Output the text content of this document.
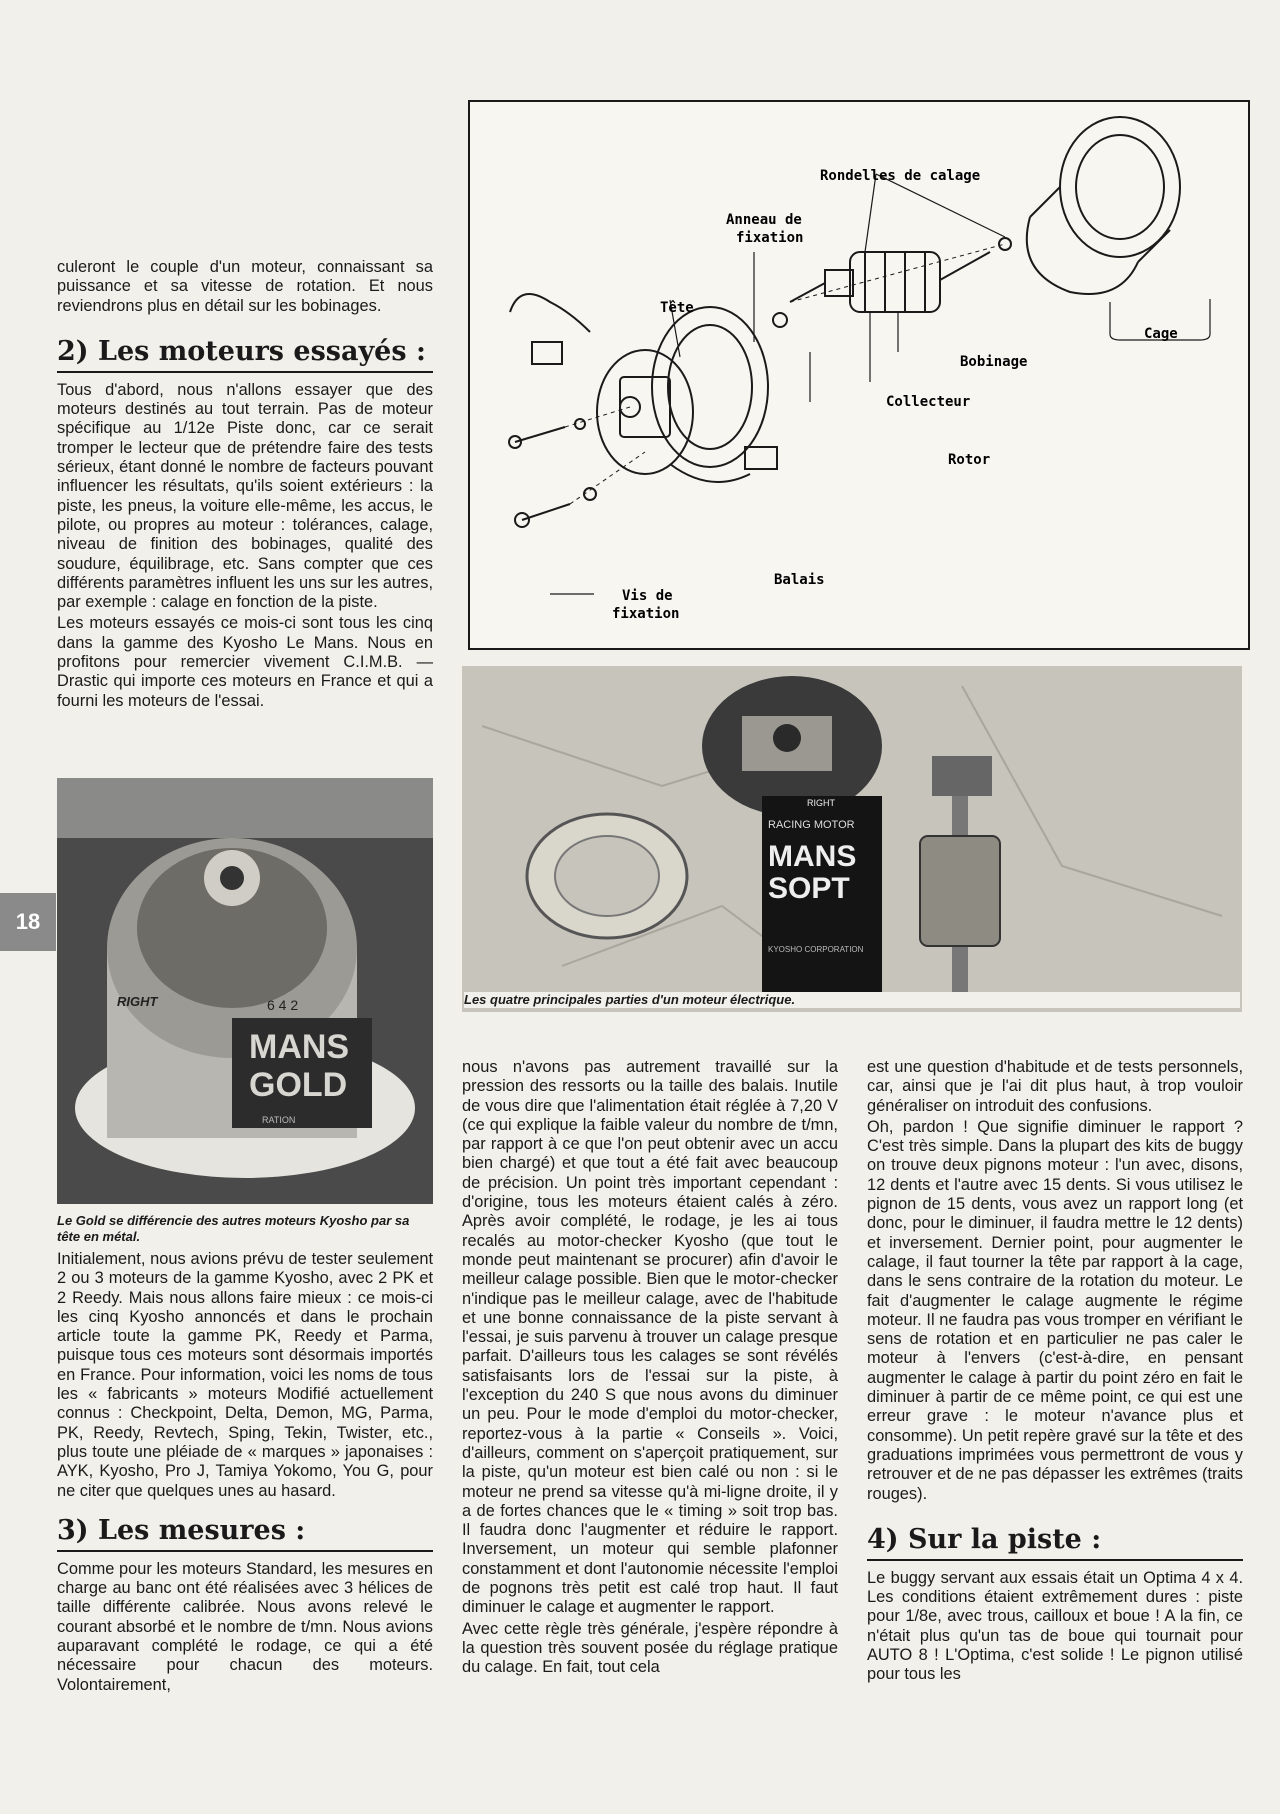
18

culeront le couple d'un moteur, connaissant sa puissance et sa vitesse de rotation. Et nous reviendrons plus en détail sur les bobinages.

2) Les moteurs essayés :

Tous d'abord, nous n'allons essayer que des moteurs destinés au tout terrain. Pas de moteur spécifique au 1/12e Piste donc, car ce serait tromper le lecteur que de prétendre faire des tests sérieux, étant donné le nombre de facteurs pouvant influencer les résultats, qu'ils soient extérieurs : la piste, les pneus, la voiture elle-même, les accus, le pilote, ou propres au moteur : tolérances, calage, niveau de finition des bobinages, qualité des soudure, équilibrage, etc. Sans compter que ces différents paramètres influent les uns sur les autres, par exemple : calage en fonction de la piste.

Les moteurs essayés ce mois-ci sont tous les cinq dans la gamme des Kyosho Le Mans. Nous en profitons pour remercier vivement C.I.M.B. — Drastic qui importe ces moteurs en France et qui a fourni les moteurs de l'essai.

Rondelles de calage
Anneau de
fixation
Tête
Cage
Bobinage
Collecteur
Rotor
Balais
Vis de
fixation
RIGHT
RACING MOTOR
MANS
SOPT
KYOSHO CORPORATION
Les quatre principales parties d'un moteur électrique.
RIGHT	6 4 2
MANS
GOLD
RATION
Le Gold se différencie des autres moteurs Kyosho par sa tête en métal.

Initialement, nous avions prévu de tester seulement 2 ou 3 moteurs de la gamme Kyosho, avec 2 PK et 2 Reedy. Mais nous allons faire mieux : ce mois-ci les cinq Kyosho annoncés et dans le prochain article toute la gamme PK, Reedy et Parma, puisque tous ces moteurs sont désormais importés en France. Pour information, voici les noms de tous les « fabricants » moteurs Modifié actuellement connus : Checkpoint, Delta, Demon, MG, Parma, PK, Reedy, Revtech, Sping, Tekin, Twister, etc., plus toute une pléiade de « marques » japonaises : AYK, Kyosho, Pro J, Tamiya Yokomo, You G, pour ne citer que quelques unes au hasard.

3) Les mesures :

Comme pour les moteurs Standard, les mesures en charge au banc ont été réalisées avec 3 hélices de taille différente calibrée. Nous avons relevé le courant absorbé et le nombre de t/mn. Nous avions auparavant complété le rodage, ce qui a été nécessaire pour chacun des moteurs. Volontairement,

nous n'avons pas autrement travaillé sur la pression des ressorts ou la taille des balais. Inutile de vous dire que l'alimentation était réglée à 7,20 V (ce qui explique la faible valeur du nombre de t/mn, par rapport à ce que l'on peut obtenir avec un accu bien chargé) et que tout a été fait avec beaucoup de précision. Un point très important cependant : d'origine, tous les moteurs étaient calés à zéro. Après avoir complété, le rodage, je les ai tous recalés au motor-checker Kyosho (que tout le monde peut maintenant se procurer) afin d'avoir le meilleur calage possible. Bien que le motor-checker n'indique pas le meilleur calage, avec de l'habitude et une bonne connaissance de la piste servant à l'essai, je suis parvenu à trouver un calage presque parfait. D'ailleurs tous les calages se sont révélés satisfaisants lors de l'essai sur la piste, à l'exception du 240 S que nous avons du diminuer un peu. Pour le mode d'emploi du motor-checker, reportez-vous à la partie « Conseils ». Voici, d'ailleurs, comment on s'aperçoit pratiquement, sur la piste, qu'un moteur est bien calé ou non : si le moteur ne prend sa vitesse qu'à mi-ligne droite, il y a de fortes chances que le « timing » soit trop bas. Il faudra donc l'augmenter et réduire le rapport. Inversement, un moteur qui semble plafonner constamment et dont l'autonomie nécessite l'emploi de pognons très petit est calé trop haut. Il faut diminuer le calage et augmenter le rapport.

Avec cette règle très générale, j'espère répondre à la question très souvent posée du réglage pratique du calage. En fait, tout cela

est une question d'habitude et de tests personnels, car, ainsi que je l'ai dit plus haut, à trop vouloir généraliser on introduit des confusions.

Oh, pardon ! Que signifie diminuer le rapport ? C'est très simple. Dans la plupart des kits de buggy on trouve deux pignons moteur : l'un avec, disons, 12 dents et l'autre avec 15 dents. Si vous utilisez le pignon de 15 dents, vous avez un rapport long (et donc, pour le diminuer, il faudra mettre le 12 dents) et inversement. Dernier point, pour augmenter le calage, il faut tourner la tête par rapport à la cage, dans le sens contraire de la rotation du moteur. Le fait d'augmenter le calage augmente le régime moteur. Il ne faudra pas vous tromper en vérifiant le sens de rotation et en particulier ne pas caler le moteur à l'envers (c'est-à-dire, en pensant augmenter le calage à partir du point zéro en fait le diminuer à partir de ce même point, ce qui est une erreur grave : le moteur n'avance plus et consomme). Un petit repère gravé sur la tête et des graduations imprimées vous permettront de vous y retrouver et de ne pas dépasser les extrêmes (traits rouges).

4) Sur la piste :

Le buggy servant aux essais était un Optima 4 x 4. Les conditions étaient extrêmement dures : piste pour 1/8e, avec trous, cailloux et boue ! A la fin, ce n'était plus qu'un tas de boue qui tournait pour AUTO 8 ! L'Optima, c'est solide ! Le pignon utilisé pour tous les
